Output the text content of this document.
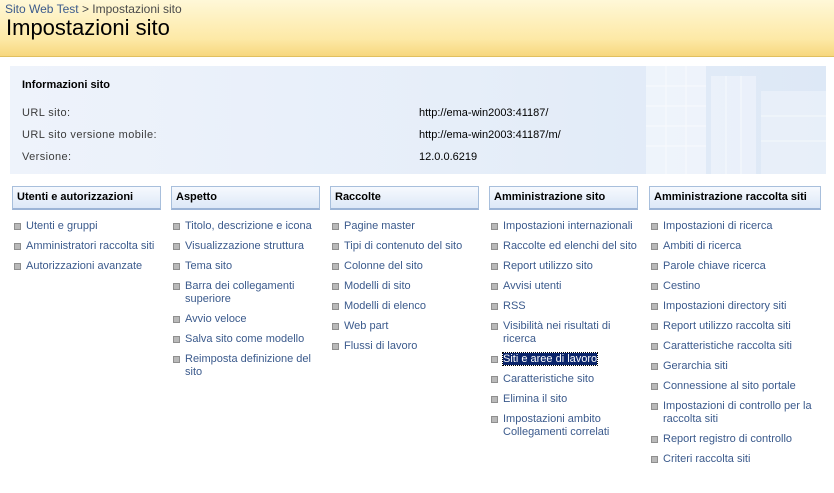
Sito Web Test > Impostazioni sito
Impostazioni sito
Informazioni sito
URL sito:	http://ema-win2003:41187/
URL sito versione mobile:	http://ema-win2003:41187/m/
Versione:	12.0.0.6219
Utenti e autorizzazioni
Utenti e gruppi
Amministratori raccolta siti
Autorizzazioni avanzate
Aspetto
Titolo, descrizione e icona
Visualizzazione struttura
Tema sito
Barra dei collegamenti superiore
Avvio veloce
Salva sito come modello
Reimposta definizione del sito
Raccolte
Pagine master
Tipi di contenuto del sito
Colonne del sito
Modelli di sito
Modelli di elenco
Web part
Flussi di lavoro
Amministrazione sito
Impostazioni internazionali
Raccolte ed elenchi del sito
Report utilizzo sito
Avvisi utenti
RSS
Visibilità nei risultati di ricerca
Siti e aree di lavoro
Caratteristiche sito
Elimina il sito
Impostazioni ambito Collegamenti correlati
Amministrazione raccolta siti
Impostazioni di ricerca
Ambiti di ricerca
Parole chiave ricerca
Cestino
Impostazioni directory siti
Report utilizzo raccolta siti
Caratteristiche raccolta siti
Gerarchia siti
Connessione al sito portale
Impostazioni di controllo per la raccolta siti
Report registro di controllo
Criteri raccolta siti
